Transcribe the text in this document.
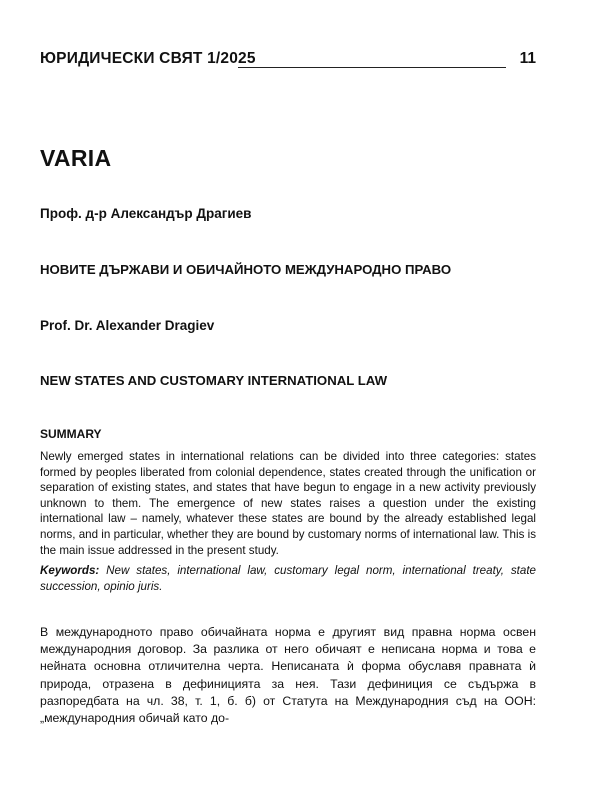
ЮРИДИЧЕСКИ СВЯТ 1/2025	11
VARIA
Проф. д-р Александър Драгиев
НОВИТЕ ДЪРЖАВИ И ОБИЧАЙНОТО МЕЖДУНАРОДНО ПРАВО
Prof. Dr. Alexander Dragiev
NEW STATES AND CUSTOMARY INTERNATIONAL LAW
SUMMARY
Newly emerged states in international relations can be divided into three categories: states formed by peoples liberated from colonial dependence, states created through the unification or separation of existing states, and states that have begun to engage in a new activity previously unknown to them. The emergence of new states raises a question under the existing international law – namely, whatever these states are bound by the already established legal norms, and in particular, whether they are bound by customary norms of international law. This is the main issue addressed in the present study.
Keywords: New states, international law, customary legal norm, international treaty, state succession, opinio juris.
В международното право обичайната норма е другият вид правна норма освен международния договор. За разлика от него обичаят е неписана норма и това е нейната основна отличителна черта. Неписаната ѝ форма обуславя правната ѝ природа, отразена в дефиницията за нея. Тази дефиниция се съдържа в разпоредбата на чл. 38, т. 1, б. б) от Статута на Международния съд на ООН: „международния обичай като до-
